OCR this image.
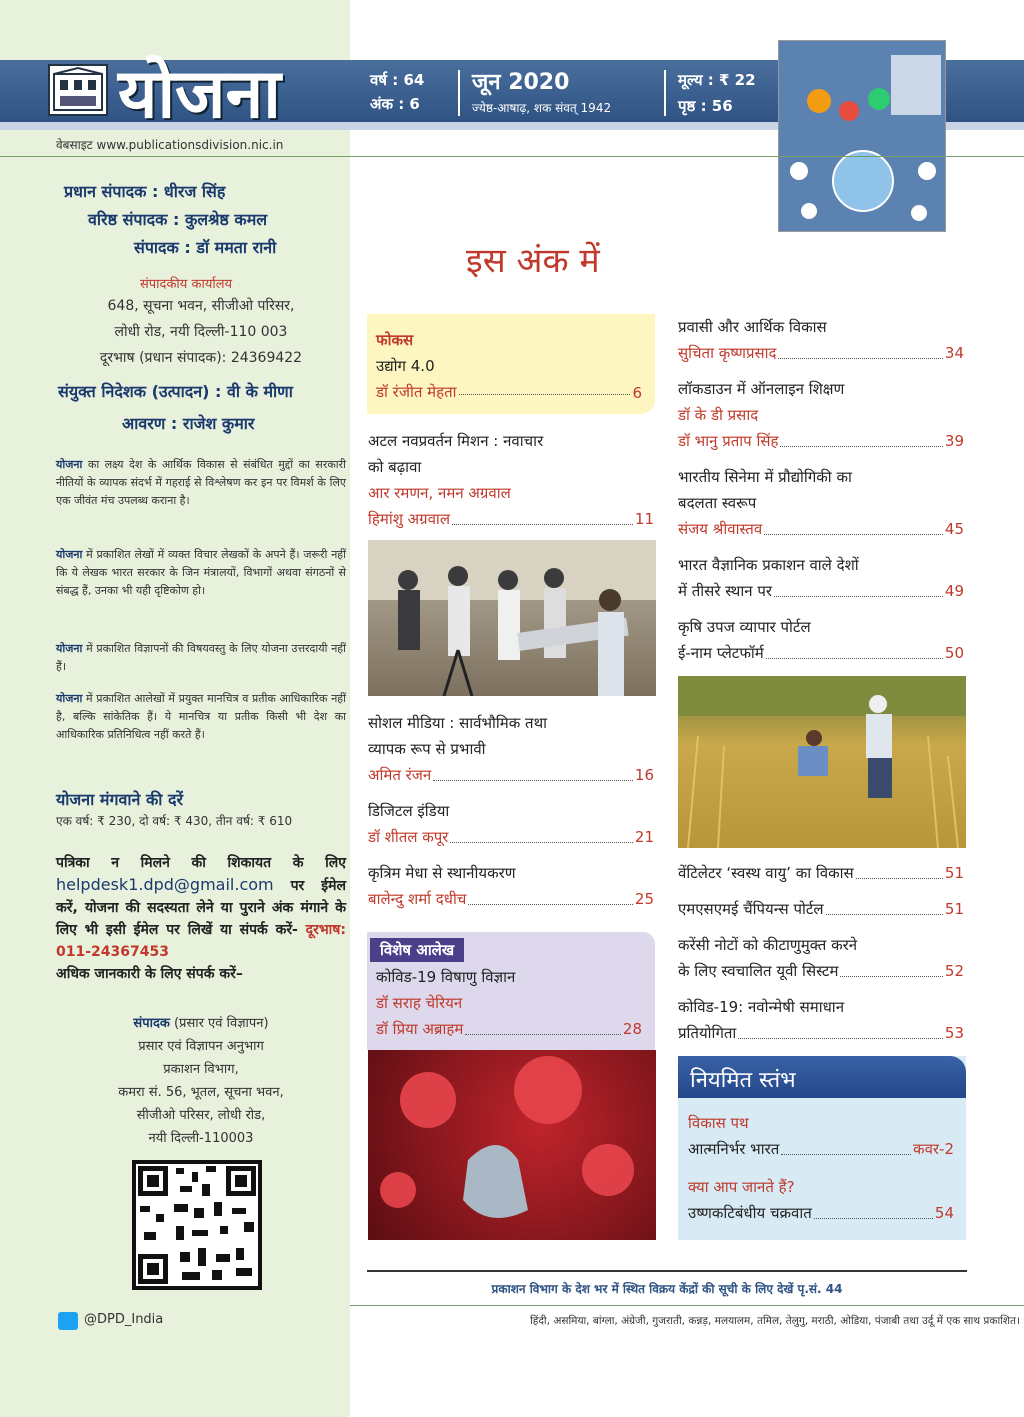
योजना	वर्ष : 64
अंक : 6
जून 2020
ज्येष्ठ-आषाढ़, शक संवत् 1942
मूल्य : ₹ 22
पृष्ठ : 56
वेबसाइट www.publicationsdivision.nic.in
प्रधान संपादक : धीरज सिंह
वरिष्ठ संपादक : कुलश्रेष्ठ कमल
संपादक : डॉ ममता रानी
संपादकीय कार्यालय
648, सूचना भवन, सीजीओ परिसर,
लोधी रोड, नयी दिल्ली-110 003
दूरभाष (प्रधान संपादक): 24369422
संयुक्त निदेशक (उत्पादन) : वी के मीणा
आवरण : राजेश कुमार
योजना का लक्ष्य देश के आर्थिक विकास से संबंधित मुद्दों का सरकारी नीतियों के व्यापक संदर्भ में गहराई से विश्लेषण कर इन पर विमर्श के लिए एक जीवंत मंच उपलब्ध कराना है।
योजना में प्रकाशित लेखों में व्यक्त विचार लेखकों के अपने हैं। जरूरी नहीं कि ये लेखक भारत सरकार के जिन मंत्रालयों, विभागों अथवा संगठनों से संबद्ध हैं, उनका भी यही दृष्टिकोण हो।
योजना में प्रकाशित विज्ञापनों की विषयवस्तु के लिए योजना उत्तरदायी नहीं हैं।
योजना में प्रकाशित आलेखों में प्रयुक्त मानचित्र व प्रतीक आधिकारिक नहीं है, बल्कि सांकेतिक हैं। ये मानचित्र या प्रतीक किसी भी देश का आधिकारिक प्रतिनिधित्व नहीं करते हैं।
योजना मंगवाने की दरें
एक वर्ष: ₹ 230, दो वर्ष: ₹ 430, तीन वर्ष: ₹ 610
पत्रिका न मिलने की शिकायत के लिए helpdesk1.dpd@gmail.com पर ईमेल करें, योजना की सदस्यता लेने या पुराने अंक मंगाने के लिए भी इसी ईमेल पर लिखें या संपर्क करें- दूरभाष: 011-24367453
अधिक जानकारी के लिए संपर्क करें–
संपादक (प्रसार एवं विज्ञापन)
प्रसार एवं विज्ञापन अनुभाग
प्रकाशन विभाग,
कमरा सं. 56, भूतल, सूचना भवन,
सीजीओ परिसर, लोधी रोड,
नयी दिल्ली-110003
@DPD_India
इस अंक में
फोकस
उद्योग 4.0
डॉ रंजीत मेहता	6
अटल नवप्रवर्तन मिशन : नवाचार
को बढ़ावा
आर रमणन, नमन अग्रवाल
हिमांशु अग्रवाल	11
सोशल मीडिया : सार्वभौमिक तथा
व्यापक रूप से प्रभावी
अमित रंजन	16
डिजिटल इंडिया
डॉ शीतल कपूर	21
कृत्रिम मेधा से स्थानीयकरण
बालेन्दु शर्मा दधीच	25
विशेष आलेख
कोविड-19 विषाणु विज्ञान
डॉ सराह चेरियन
डॉ प्रिया अब्राहम	28
प्रवासी और आर्थिक विकास
सुचिता कृष्णप्रसाद	34
लॉकडाउन में ऑनलाइन शिक्षण
डॉ के डी प्रसाद
डॉ भानु प्रताप सिंह	39
भारतीय सिनेमा में प्रौद्योगिकी का
बदलता स्वरूप
संजय श्रीवास्तव	45
भारत वैज्ञानिक प्रकाशन वाले देशों
में तीसरे स्थान पर	49
कृषि उपज व्यापार पोर्टल
ई-नाम प्लेटफॉर्म	50
वेंटिलेटर ‘स्वस्थ वायु’ का विकास	51
एमएसएमई चैंपियन्स पोर्टल	51
करेंसी नोटों को कीटाणुमुक्त करने
के लिए स्वचालित यूवी सिस्टम	52
कोविड-19: नवोन्मेषी समाधान
प्रतियोगिता	53
नियमित स्तंभ
विकास पथ
आत्मनिर्भर भारत	कवर-2
क्या आप जानते हैं?
उष्णकटिबंधीय चक्रवात	54
प्रकाशन विभाग के देश भर में स्थित विक्रय केंद्रों की सूची के लिए देखें पृ.सं. 44
हिंदी, असमिया, बांग्ला, अंग्रेजी, गुजराती, कन्नड़, मलयालम, तमिल, तेलुगु, मराठी, ओडिया, पंजाबी तथा उर्दू में एक साथ प्रकाशित।
